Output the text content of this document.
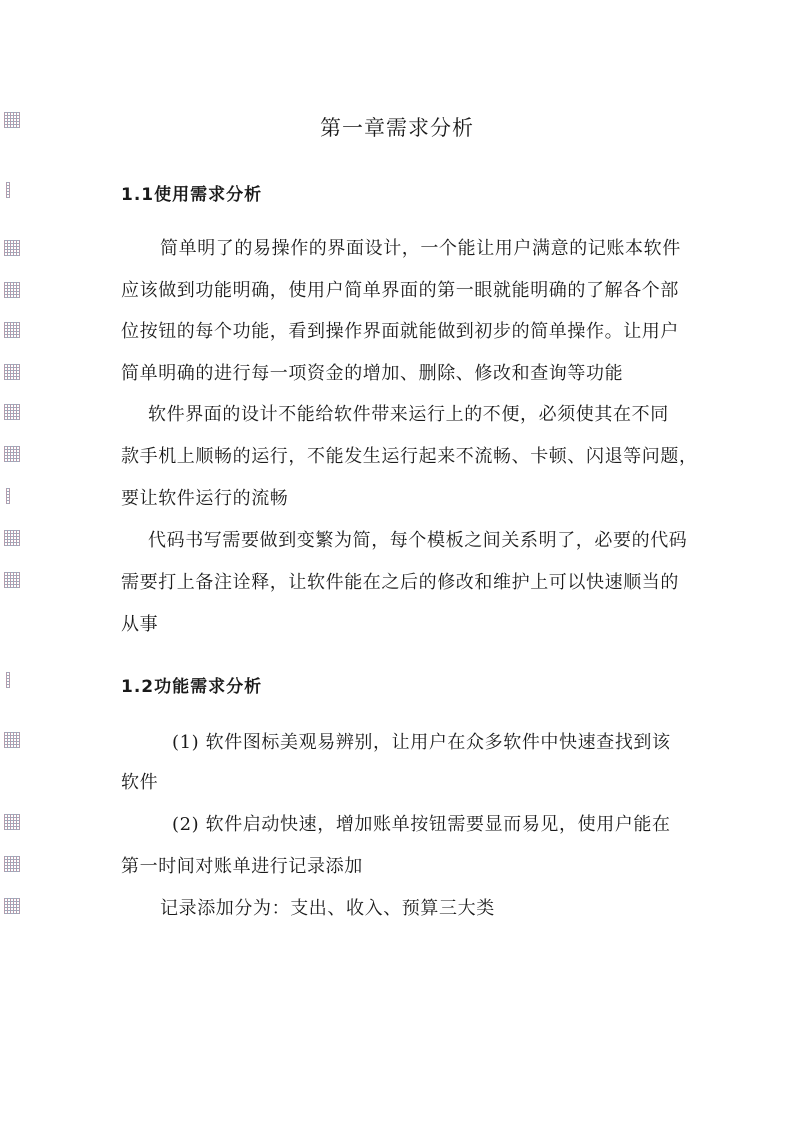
第一章需求分析
1.1使用需求分析
简单明了的易操作的界面设计，一个能让用户满意的记账本软件
应该做到功能明确，使用户简单界面的第一眼就能明确的了解各个部
位按钮的每个功能，看到操作界面就能做到初步的简单操作。让用户
简单明确的进行每一项资金的增加、删除、修改和查询等功能
软件界面的设计不能给软件带来运行上的不便，必须使其在不同
款手机上顺畅的运行，不能发生运行起来不流畅、卡顿、闪退等问题，
要让软件运行的流畅
代码书写需要做到变繁为简，每个模板之间关系明了，必要的代码
需要打上备注诠释，让软件能在之后的修改和维护上可以快速顺当的
从事
1.2功能需求分析
(1) 软件图标美观易辨别，让用户在众多软件中快速查找到该
软件
(2) 软件启动快速，增加账单按钮需要显而易见，使用户能在
第一时间对账单进行记录添加
记录添加分为：支出、收入、预算三大类
